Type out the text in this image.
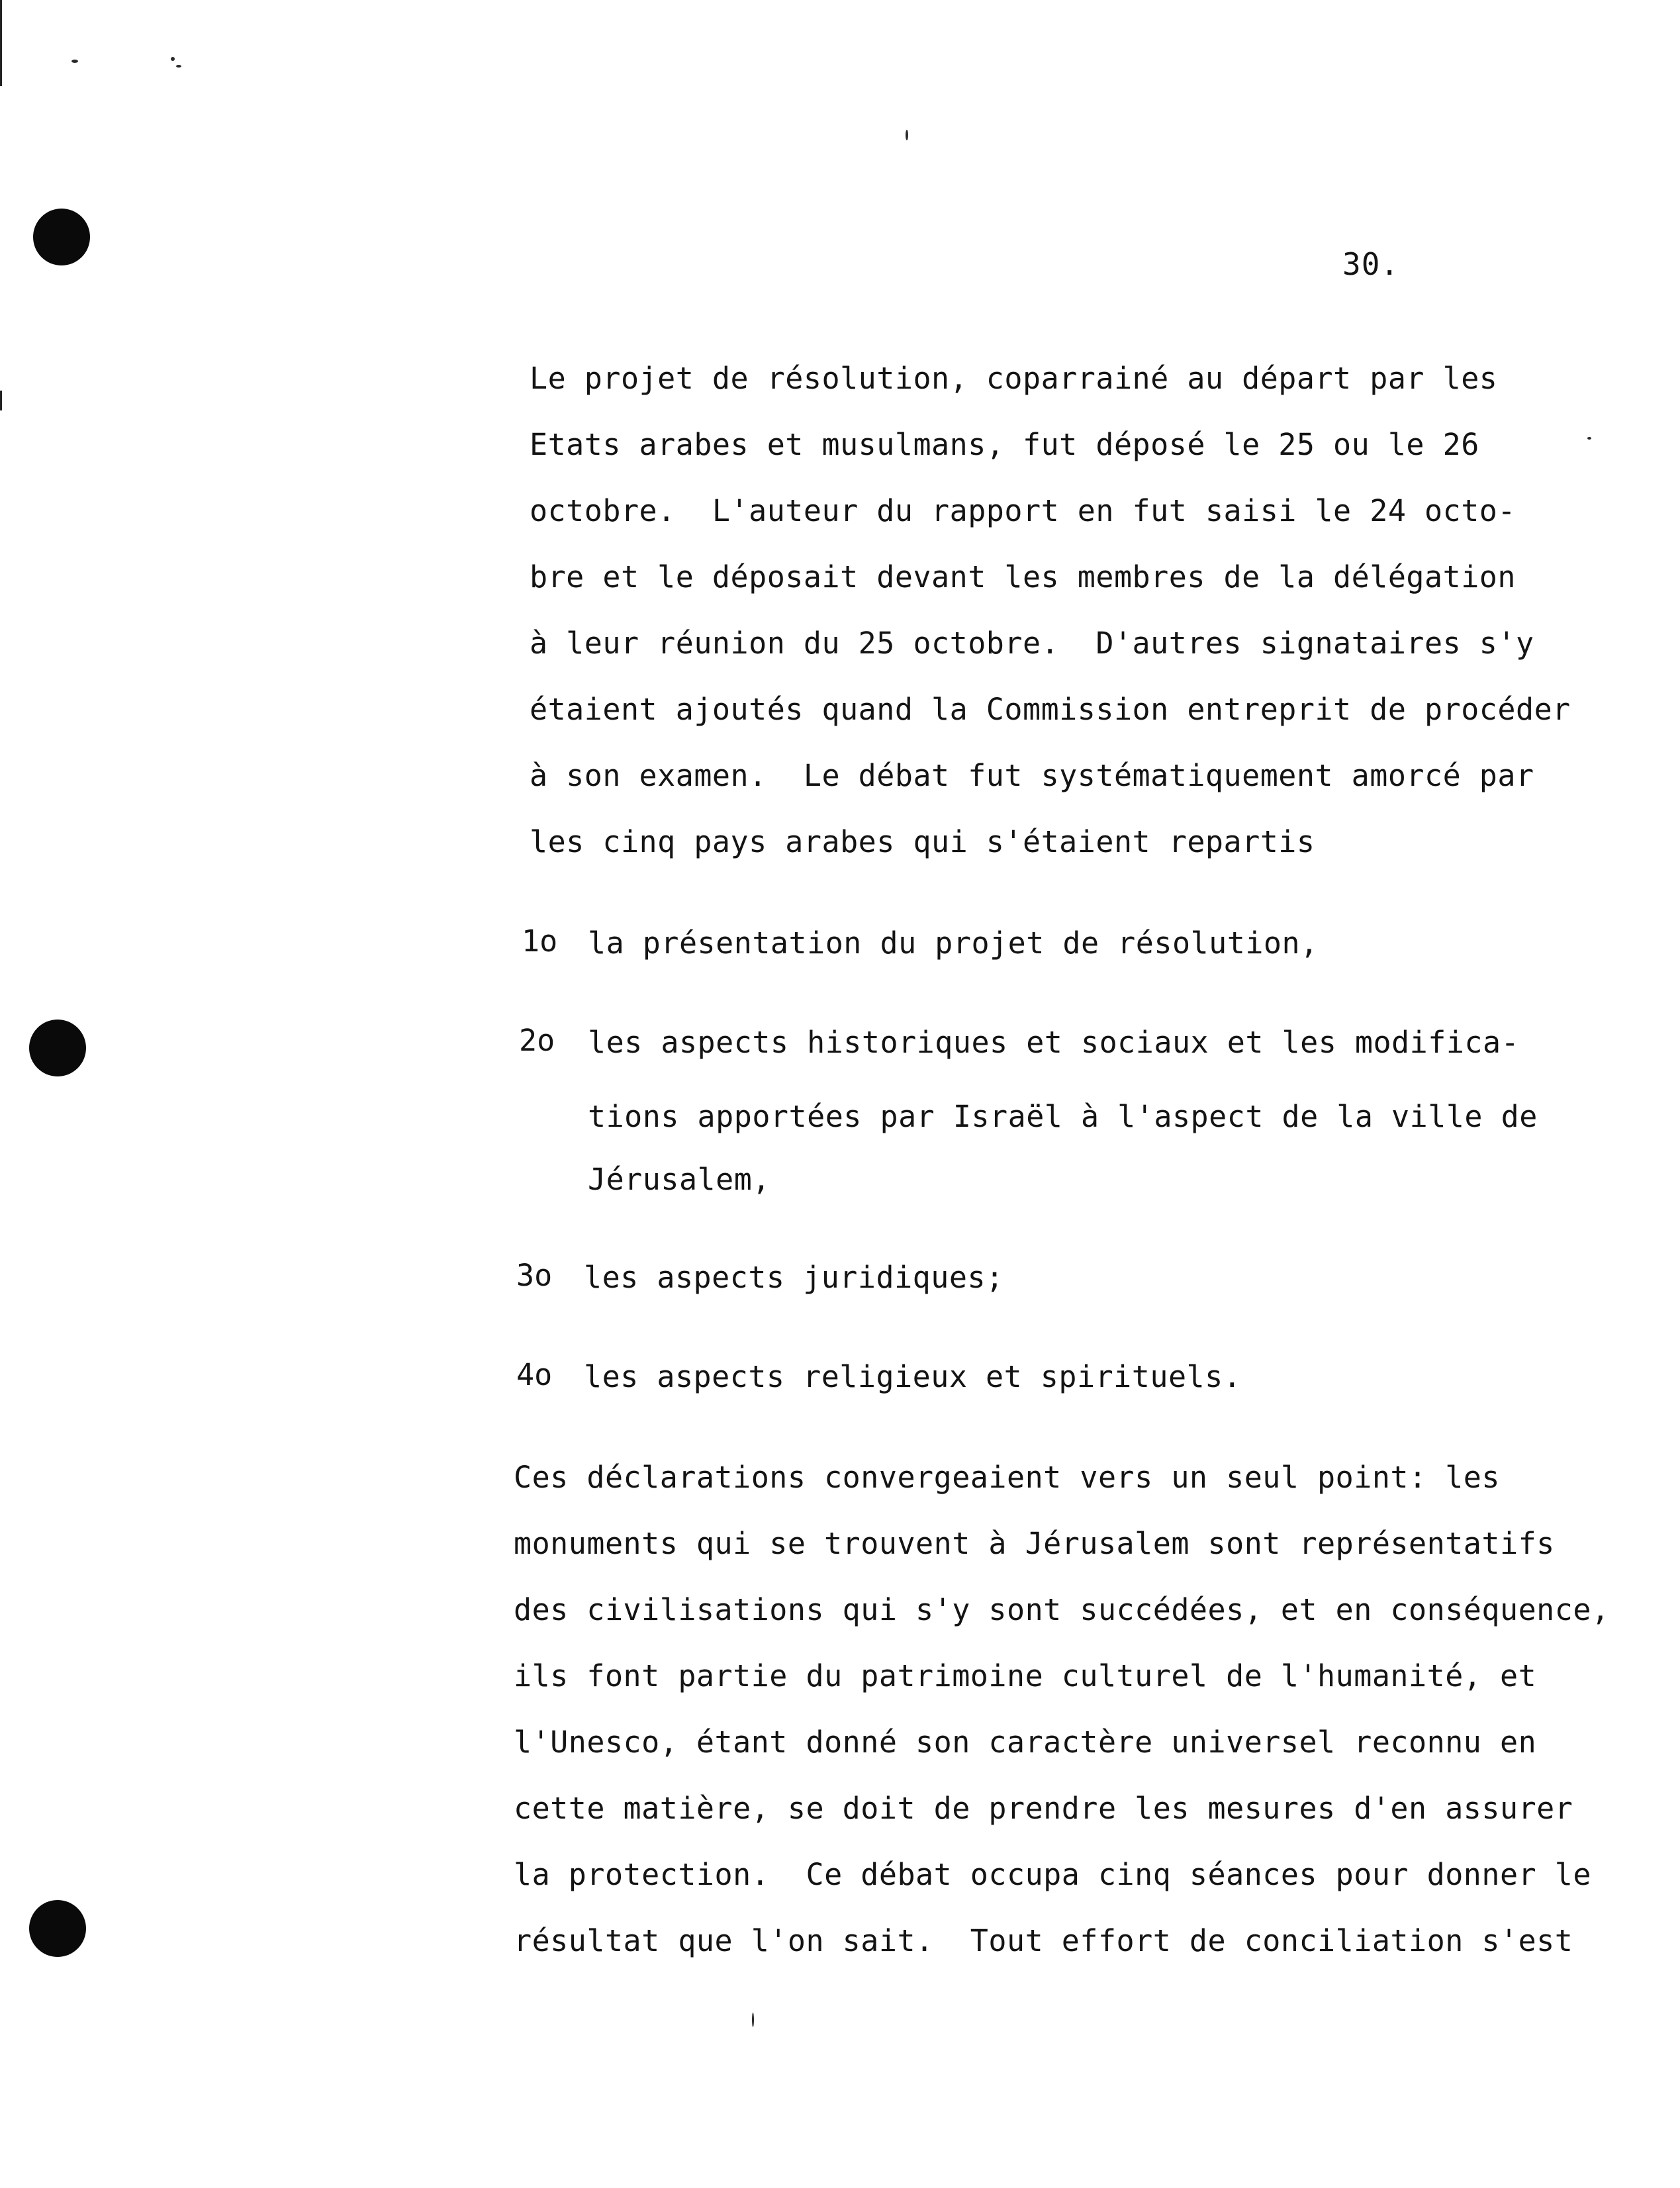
30.
Le projet de résolution, coparrainé au départ par les
Etats arabes et musulmans, fut déposé le 25 ou le 26
octobre.  L'auteur du rapport en fut saisi le 24 octo-
bre et le déposait devant les membres de la délégation
à leur réunion du 25 octobre.  D'autres signataires s'y
étaient ajoutés quand la Commission entreprit de procéder
à son examen.  Le débat fut systématiquement amorcé par
les cinq pays arabes qui s'étaient repartis
1o la présentation du projet de résolution,
2o les aspects historiques et sociaux et les modifica-
tions apportées par Israël à l'aspect de la ville de
Jérusalem,
3o les aspects juridiques;
4o les aspects religieux et spirituels.
Ces déclarations convergeaient vers un seul point: les
monuments qui se trouvent à Jérusalem sont représentatifs
des civilisations qui s'y sont succédées, et en conséquence,
ils font partie du patrimoine culturel de l'humanité, et
l'Unesco, étant donné son caractère universel reconnu en
cette matière, se doit de prendre les mesures d'en assurer
la protection.  Ce débat occupa cinq séances pour donner le
résultat que l'on sait.  Tout effort de conciliation s'est
